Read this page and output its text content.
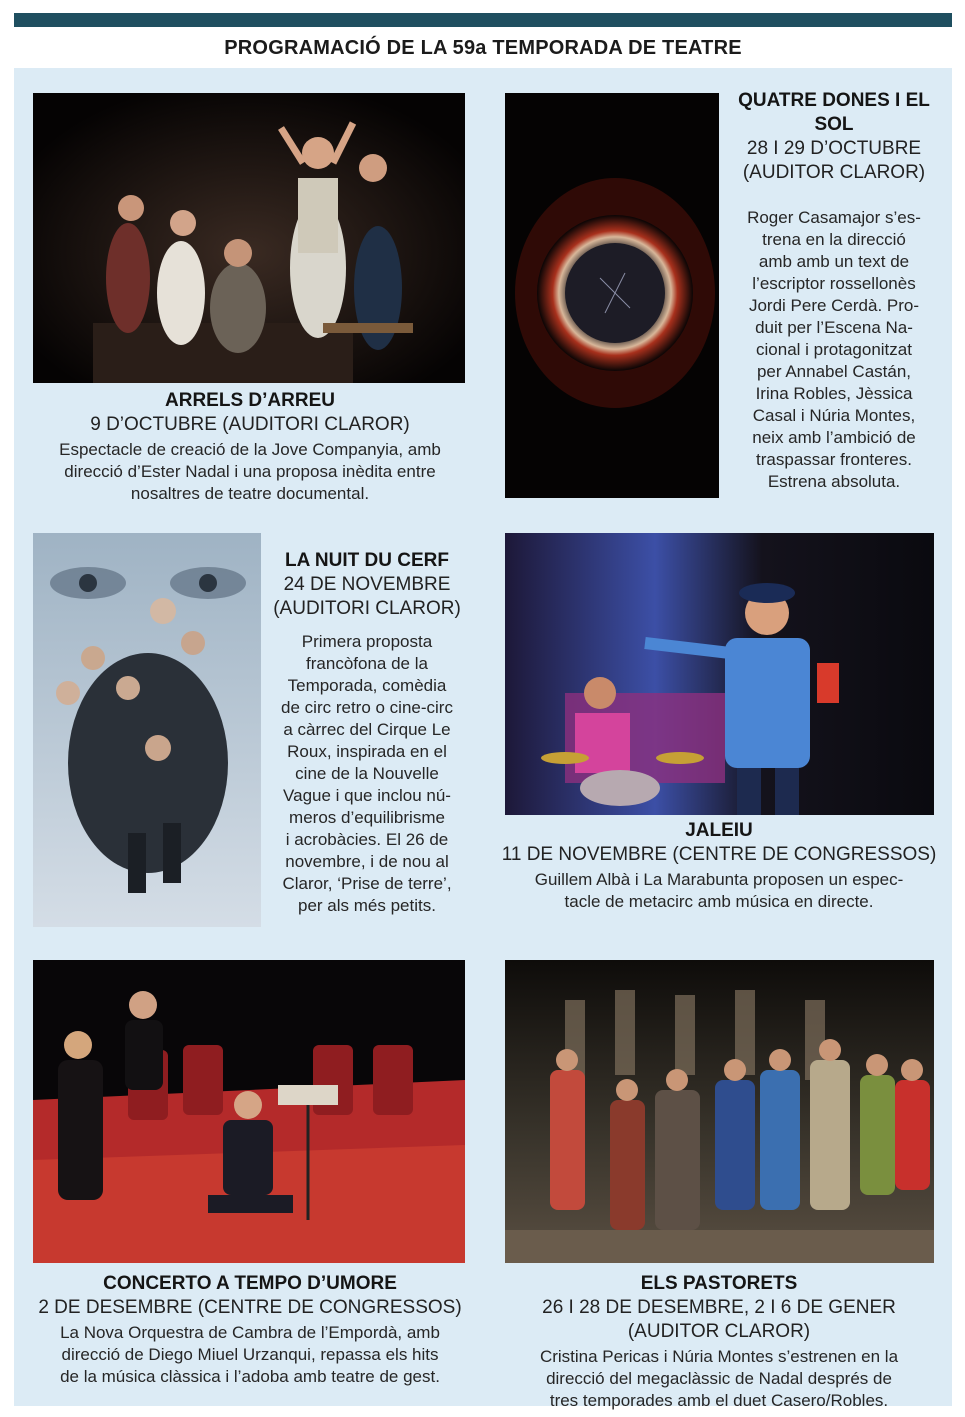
PROGRAMACIÓ DE LA 59a TEMPORADA DE TEATRE
ARRELS D’ARREU
9 D’OCTUBRE (AUDITORI CLAROR)
Espectacle de creació de la Jove Companyia, amb
direcció d’Ester Nadal i una proposa inèdita entre
nosaltres de teatre documental.
QUATRE DONES I EL SOL
28 I 29 D’OCTUBRE
(AUDITOR CLAROR)
Roger Casamajor s’es-
trena en la direcció
amb amb un text de
l’escriptor rossellonès
Jordi Pere Cerdà. Pro-
duit per l’Escena Na-
cional i protagonitzat
per Annabel Castán,
Irina Robles, Jèssica
Casal i Núria Montes,
neix amb l’ambició de
traspassar fronteres.
Estrena absoluta.
LA NUIT DU CERF
24 DE NOVEMBRE
(AUDITORI CLAROR)
Primera proposta
francòfona de la
Temporada, comèdia
de circ retro o cine-circ
a càrrec del Cirque Le
Roux, inspirada en el
cine de la Nouvelle
Vague i que inclou nú-
meros d’equilibrisme
i acrobàcies. El 26 de
novembre, i de nou al
Claror, ‘Prise de terre’,
per als més petits.
JALEIU
11 DE NOVEMBRE (CENTRE DE CONGRESSOS)
Guillem Albà i La Marabunta proposen un espec-
tacle de metacirc amb música en directe.
CONCERTO A TEMPO D’UMORE
2 DE DESEMBRE (CENTRE DE CONGRESSOS)
La Nova Orquestra de Cambra de l’Empordà, amb
direcció de Diego Miuel Urzanqui, repassa els hits
de la música clàssica i l’adoba amb teatre de gest.
ELS PASTORETS
26 I 28 DE DESEMBRE, 2 I 6 DE GENER (AUDITOR CLAROR)
Cristina Pericas i Núria Montes s’estrenen en la
direcció del megaclàssic de Nadal després de
tres temporades amb el duet Casero/Robles.
